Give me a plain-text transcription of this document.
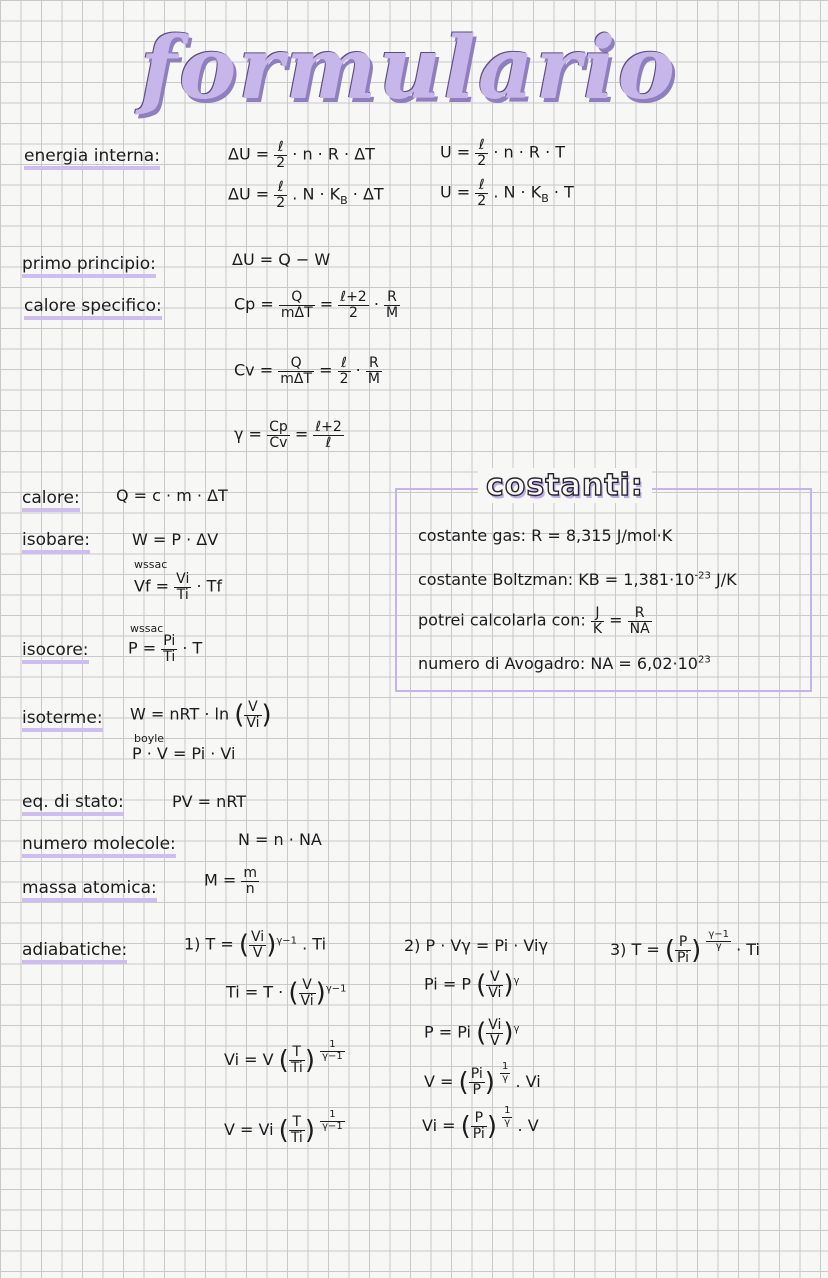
formulario
energia interna:	$\Delta U = \frac{\text{ℓ}}{2} \cdot n \cdot R \cdot \Delta T$
$\Delta U = \frac{\text{ℓ}}{2}$ . $N \cdot K_B \cdot \Delta T$
$U = \frac{\text{ℓ}}{2} \cdot n \cdot R \cdot T$
$U = \frac{\text{ℓ}}{2}$ . $N \cdot K_B \cdot T$
primo principio:	ΔU = Q − W
calore specifico:	$Cp = \frac{Q}{\text{mΔT}} = \frac{\text{ℓ+2}}{2} \cdot \frac{R}{M}$
$Cv = \frac{Q}{\text{mΔT}} = \frac{\text{ℓ}}{2} \cdot \frac{R}{M}$
$\gamma = \frac{Cp}{Cv} = \frac{\text{ℓ+2}}{\text{ℓ}}$
calore: Q = c · m · ΔT
isobare:	W = P · ΔV
wssac
$Vf = \frac{Vi}{Ti} \cdot Tf$
wssac
isocore: $P = \frac{Pi}{Ti} \cdot T$
isoterme: W = nRT · ln ( $\frac{V}{Vi}$ )
boyle
P · V = Pi · Vi
eq. di stato:	PV = nRT
numero molecole:	N = n · NA
massa atomica:	$M = \frac{m}{n}$
costanti:
costante gas: R = 8,315 J/mol·K
costante Boltzman: KB = $1,381\cdot 10^{-23}$ J/K
potrei calcolarla con: $\frac{J}{K} = \frac{R}{NA}$
numero di Avogadro: NA = $6,02\cdot 10^{23}$
adiabatiche:	1) T = ( $\frac{Vi}{V} )^{\gamma-1}$ . Ti
Ti = T · ( $\frac{V}{Vi} )^{\gamma-1}$
Vi = V ( $\frac{T}{Ti}$ ) $\frac{1}{\gamma-1}$
V = Vi ( $\frac{T}{Ti}$ ) $\frac{1}{\gamma-1}$
2) P · Vγ = Pi · Viγ
Pi = P ( $\frac{V}{Vi} )^\gamma$
P = Pi ( $\frac{Vi}{V} )^\gamma$
V = ( $\frac{Pi}{P}$ ) $\frac{1}{\gamma}$ . Vi
Vi = ( $\frac{P}{Pi}$ ) $\frac{1}{\gamma}$ . V
3) T = ( $\frac{P}{Pi}$ ) $\frac{\gamma-1}{\gamma} \cdot Ti$
